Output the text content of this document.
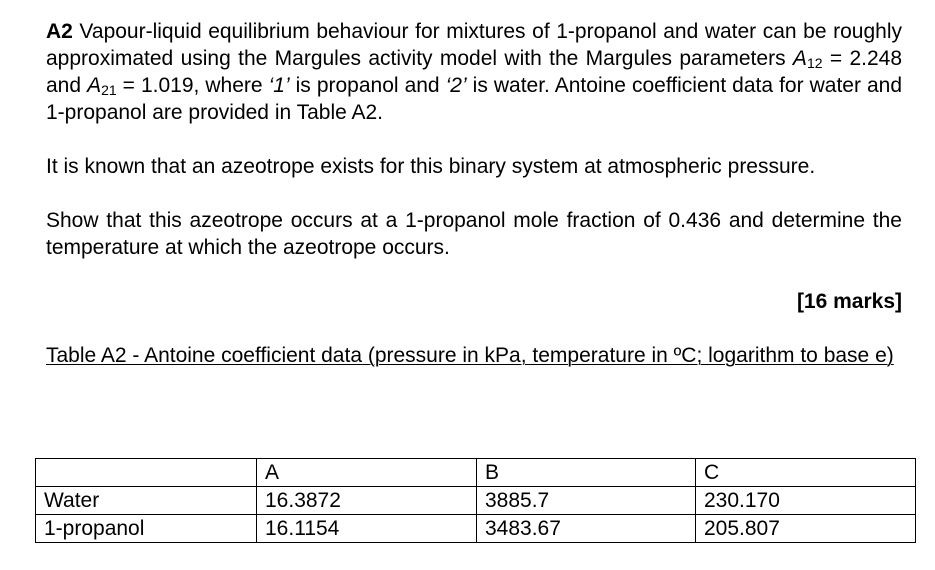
A2 Vapour-liquid equilibrium behaviour for mixtures of 1-propanol and water can be roughly approximated using the Margules activity model with the Margules parameters $A_{12} = 2.248$ and $A_{21} = 1.019$, where ‘1’ is propanol and ‘2’ is water. Antoine coefficient data for water and 1-propanol are provided in Table A2.

It is known that an azeotrope exists for this binary system at atmospheric pressure.

Show that this azeotrope occurs at a 1-propanol mole fraction of 0.436 and determine the temperature at which the azeotrope occurs.

[16 marks]
Table A2 - Antoine coefficient data (pressure in kPa, temperature in ºC; logarithm to base e)
	A	B	C
Water	16.3872	3885.7	230.170
1-propanol	16.1154	3483.67	205.807
